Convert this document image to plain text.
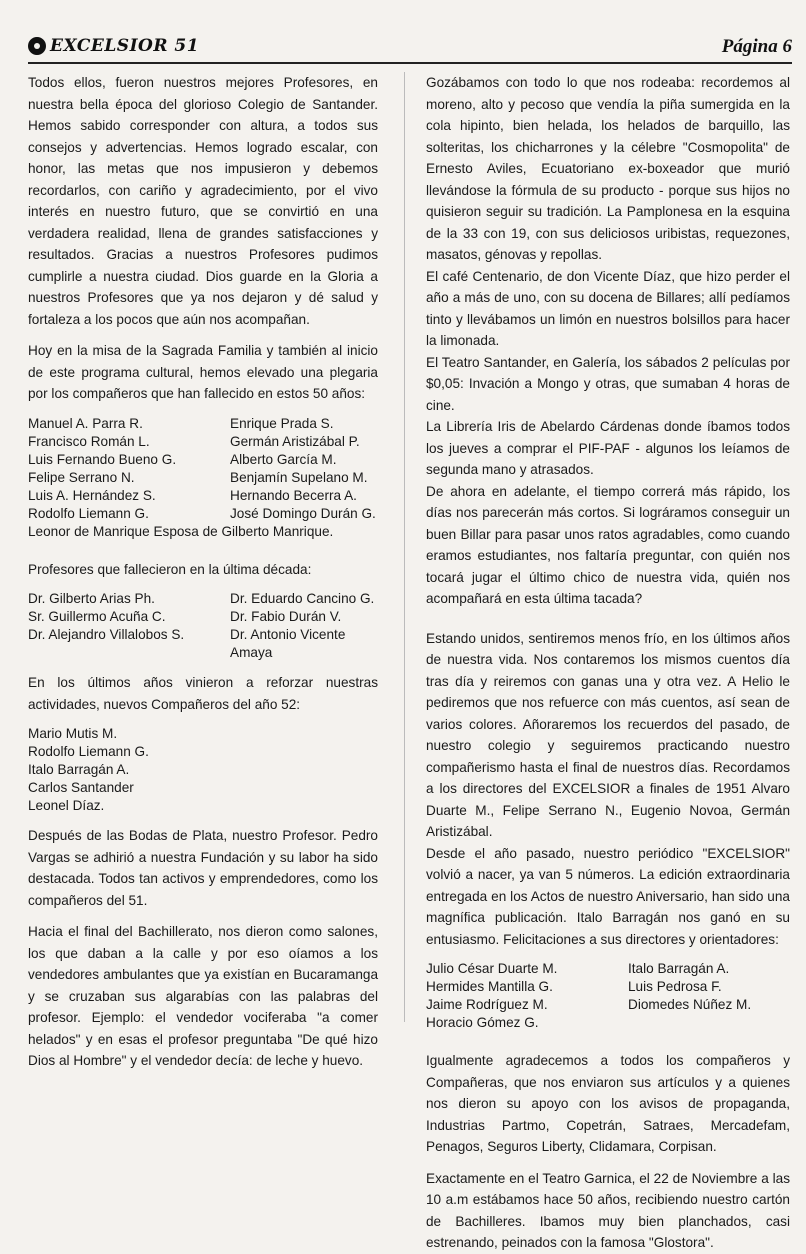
EXCELSIOR 51	Página 6

Todos ellos, fueron nuestros mejores Profesores, en nuestra bella época del glorioso Colegio de Santander. Hemos sabido corresponder con altura, a todos sus consejos y advertencias. Hemos logrado escalar, con honor, las metas que nos impusieron y debemos recordarlos, con cariño y agradecimiento, por el vivo interés en nuestro futuro, que se convirtió en una verdadera realidad, llena de grandes satisfacciones y resultados. Gracias a nuestros Profesores pudimos cumplirle a nuestra ciudad. Dios guarde en la Gloria a nuestros Profesores que ya nos dejaron y dé salud y fortaleza a los pocos que aún nos acompañan.

Hoy en la misa de la Sagrada Familia y también al inicio de este programa cultural, hemos elevado una plegaria por los compañeros que han fallecido en estos 50 años:

Manuel A. Parra R.	Enrique Prada S.
Francisco Román L.	Germán Aristizábal P.
Luis Fernando Bueno G.	Alberto García M.
Felipe Serrano N.	Benjamín Supelano M.
Luis A. Hernández S.	Hernando Becerra A.
Rodolfo Liemann G.	José Domingo Durán G.
Leonor de Manrique Esposa de Gilberto Manrique.

Profesores que fallecieron en la última década:

Dr. Gilberto Arias Ph.	Dr. Eduardo Cancino G.
Sr. Guillermo Acuña C.	Dr. Fabio Durán V.
Dr. Alejandro Villalobos S.	Dr. Antonio Vicente Amaya

En los últimos años vinieron a reforzar nuestras actividades, nuevos Compañeros del año 52:

Mario Mutis M.
Rodolfo Liemann G.
Italo Barragán A.
Carlos Santander
Leonel Díaz.

Después de las Bodas de Plata, nuestro Profesor. Pedro Vargas se adhirió a nuestra Fundación y su labor ha sido destacada. Todos tan activos y emprendedores, como los compañeros del 51.

Hacia el final del Bachillerato, nos dieron como salones, los que daban a la calle y por eso oíamos a los vendedores ambulantes que ya existían en Bucaramanga y se cruzaban sus algarabías con las palabras del profesor. Ejemplo: el vendedor vociferaba "a comer helados" y en esas el profesor preguntaba "De qué hizo Dios al Hombre" y el vendedor decía: de leche y huevo.

Gozábamos con todo lo que nos rodeaba: recordemos al moreno, alto y pecoso que vendía la piña sumergida en la cola hipinto, bien helada, los helados de barquillo, las solteritas, los chicharrones y la célebre "Cosmopolita" de Ernesto Aviles, Ecuatoriano ex-boxeador que murió llevándose la fórmula de su producto - porque sus hijos no quisieron seguir su tradición. La Pamplonesa en la esquina de la 33 con 19, con sus deliciosos uribistas, requezones, masatos, génovas y repollas.

El café Centenario, de don Vicente Díaz, que hizo perder el año a más de uno, con su docena de Billares; allí pedíamos tinto y llevábamos un limón en nuestros bolsillos para hacer la limonada.

El Teatro Santander, en Galería, los sábados 2 películas por $0,05: Invación a Mongo y otras, que sumaban 4 horas de cine.

La Librería Iris de Abelardo Cárdenas donde íbamos todos los jueves a comprar el PIF-PAF - algunos los leíamos de segunda mano y atrasados.

De ahora en adelante, el tiempo correrá más rápido, los días nos parecerán más cortos. Si lográramos conseguir un buen Billar para pasar unos ratos agradables, como cuando eramos estudiantes, nos faltaría preguntar, con quién nos tocará jugar el último chico de nuestra vida, quién nos acompañará en esta última tacada?

Estando unidos, sentiremos menos frío, en los últimos años de nuestra vida. Nos contaremos los mismos cuentos día tras día y reiremos con ganas una y otra vez. A Helio le pediremos que nos refuerce con más cuentos, así sean de varios colores. Añoraremos los recuerdos del pasado, de nuestro colegio y seguiremos practicando nuestro compañerismo hasta el final de nuestros días. Recordamos a los directores del EXCELSIOR a finales de 1951 Alvaro Duarte M., Felipe Serrano N., Eugenio Novoa, Germán Aristizábal.

Desde el año pasado, nuestro periódico "EXCELSIOR" volvió a nacer, ya van 5 números. La edición extraordinaria entregada en los Actos de nuestro Aniversario, han sido una magnífica publicación. Italo Barragán nos ganó en su entusiasmo. Felicitaciones a sus directores y orientadores:

Julio César Duarte M.	Italo Barragán A.
Hermides Mantilla G.	Luis Pedrosa F.
Jaime Rodríguez M.	Diomedes Núñez M.
Horacio Gómez G.

Igualmente agradecemos a todos los compañeros y Compañeras, que nos enviaron sus artículos y a quienes nos dieron su apoyo con los avisos de propaganda, Industrias Partmo, Copetrán, Satraes, Mercadefam, Penagos, Seguros Liberty, Clidamara, Corpisan.

Exactamente en el Teatro Garnica, el 22 de Noviembre a las 10 a.m estábamos hace 50 años, recibiendo nuestro cartón de Bachilleres. Ibamos muy bien planchados, casi estrenando, peinados con la famosa "Glostora".
